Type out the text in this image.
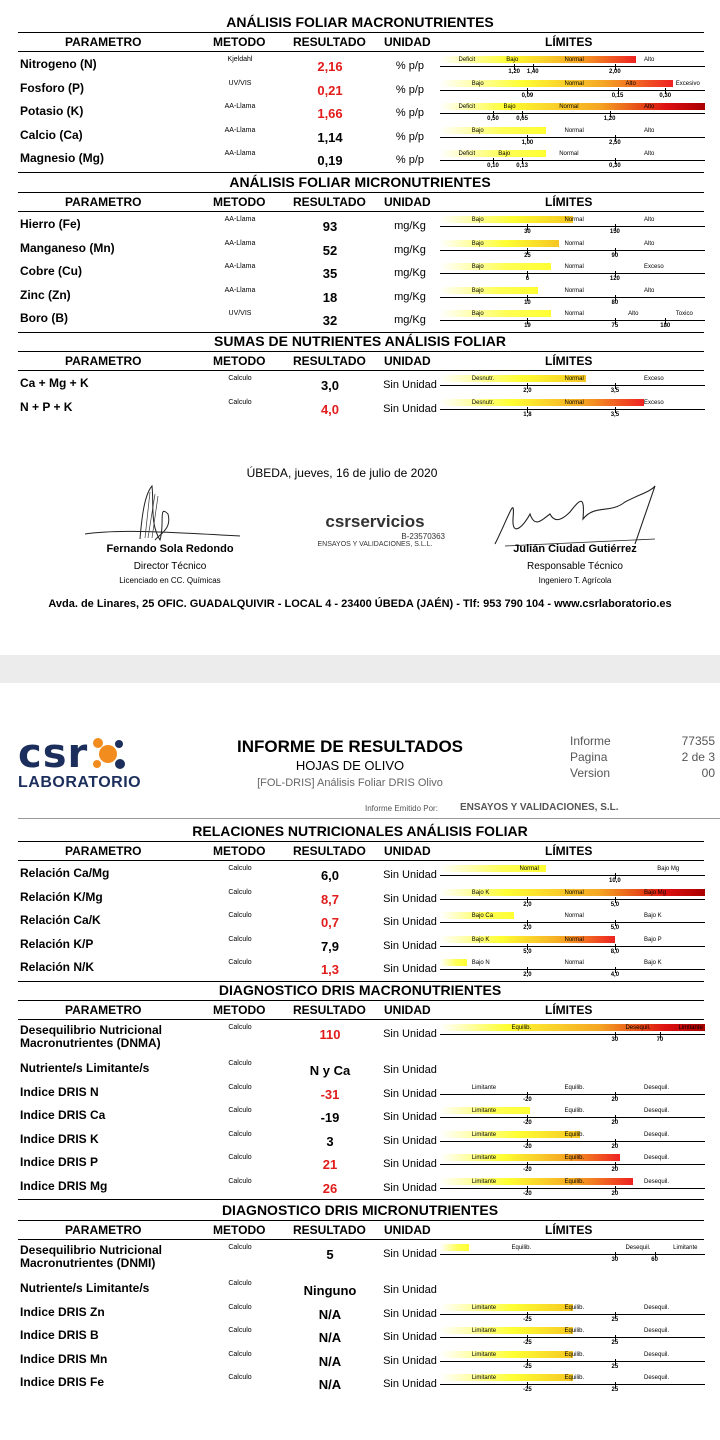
ÚBEDA, jueves, 16 de julio de 2020
Fernando Sola Redondo
Director Técnico
Licenciado en CC. Químicas
csrservicios
B-23570363
ENSAYOS Y VALIDACIONES, S.L.L.	Julián Ciudad Gutiérrez
Responsable Técnico
Ingeniero T. Agrícola
Avda. de Linares, 25 OFIC. GUADALQUIVIR - LOCAL 4 - 23400 ÚBEDA (JAÉN) - Tlf: 953 790 104 - www.csrlaboratorio.es
csr
LABORATORIO
INFORME DE RESULTADOS
HOJAS DE OLIVO
[FOL-DRIS] Análisis Foliar DRIS Olivo
Informe	77355
Pagina	2 de 3
Version	00
Informe Emitido Por: ENSAYOS Y VALIDACIONES, S.L.
ANÁLISIS FOLIAR MACRONUTRIENTES
PARAMETRO	METODO RESULTADO UNIDAD	LÍMITES
Nitrogeno (N)	Kjeldahl	2,16	% p/p	Deficit	Bajo	Normal	Alto
1,20 1,40	2,00
Fosforo (P)	UV/VIS	0,21	% p/p	Bajo	Normal	Alto	Excesivo
0,09	0,15	0,30
Potasio (K)	AA-Llama	1,66	% p/p	Deficit	Bajo	Normal	Alto
0,50	0,65	1,20
Calcio (Ca)	AA-Llama	1,14	% p/p	Bajo	Normal	Alto
1,00	2,50
Magnesio (Mg)	AA-Llama	0,19	% p/p	Deficit	Bajo	Normal	Alto
0,10	0,13	0,30
ANÁLISIS FOLIAR MICRONUTRIENTES
PARAMETRO	METODO RESULTADO UNIDAD	LÍMITES
Hierro (Fe)	AA-Llama	93	mg/Kg	Bajo	Normal	Alto
30	150
Manganeso (Mn)	AA-Llama	52	mg/Kg	Bajo	Normal	Alto
25	90
Cobre (Cu)	AA-Llama	35	mg/Kg	Bajo	Normal	Exceso
6	120
Zinc (Zn)	AA-Llama	18	mg/Kg	Bajo	Normal	Alto
10	80
Boro (B)	UV/VIS	32	mg/Kg	Bajo	Normal	Alto	Toxico
19	75	180
SUMAS DE NUTRIENTES ANÁLISIS FOLIAR
PARAMETRO	METODO RESULTADO UNIDAD	LÍMITES
Ca + Mg + K	Calculo	3,0	Sin Unidad	Desnutr.	Normal	Exceso
2,0	3,5
N + P + K	Calculo	4,0	Sin Unidad	Desnutr.	Normal	Exceso
1,8	3,5
RELACIONES NUTRICIONALES ANÁLISIS FOLIAR
PARAMETRO	METODO RESULTADO UNIDAD	LÍMITES
Relación Ca/Mg	Calculo	6,0	Sin Unidad	Normal	Bajo Mg
10,0
Relación K/Mg	Calculo	8,7	Sin Unidad	Bajo K	Normal	Bajo Mg
2,0	5,0
Relación Ca/K	Calculo	0,7	Sin Unidad	Bajo Ca	Normal	Bajo K
2,0	5,0
Relación K/P	Calculo	7,9	Sin Unidad	Bajo K	Normal	Bajo P
5,0	8,0
Relación N/K	Calculo	1,3	Sin Unidad	Bajo N	Normal	Bajo K
2,0	4,0
DIAGNOSTICO DRIS MACRONUTRIENTES
PARAMETRO	METODO RESULTADO UNIDAD	LÍMITES
Desequilibrio Nutricional
Macronutrientes (DNMA)
Calculo	110	Sin Unidad	Equilib.	Desequil.	Limitante
30	70
Nutriente/s Limitante/s	Calculo	N y Ca	Sin Unidad
Indice DRIS N	Calculo	-31	Sin Unidad	Limitante	Equilib.	Desequil.
-20	20
Indice DRIS Ca	Calculo	-19	Sin Unidad	Limitante	Equilib.	Desequil.
-20	20
Indice DRIS K	Calculo	3	Sin Unidad	Limitante	Equilib.	Desequil.
-20	20
Indice DRIS P	Calculo	21	Sin Unidad	Limitante	Equilib.	Desequil.
-20	20
Indice DRIS Mg	Calculo	26	Sin Unidad	Limitante	Equilib.	Desequil.
-20	20
DIAGNOSTICO DRIS MICRONUTRIENTES
PARAMETRO	METODO RESULTADO UNIDAD	LÍMITES
Desequilibrio Nutricional
Macronutrientes (DNMI)
Calculo	5	Sin Unidad	Equilib.	Desequil.	Limitante
30	60
Nutriente/s Limitante/s	Calculo	Ninguno	Sin Unidad
Indice DRIS Zn	Calculo	N/A	Sin Unidad	Limitante	Equilib.	Desequil.
-25	25
Indice DRIS B	Calculo	N/A	Sin Unidad	Limitante	Equilib.	Desequil.
-25	25
Indice DRIS Mn	Calculo	N/A	Sin Unidad	Limitante	Equilib.	Desequil.
-25	25
Indice DRIS Fe	Calculo	N/A	Sin Unidad	Limitante	Equilib.	Desequil.
-25	25
